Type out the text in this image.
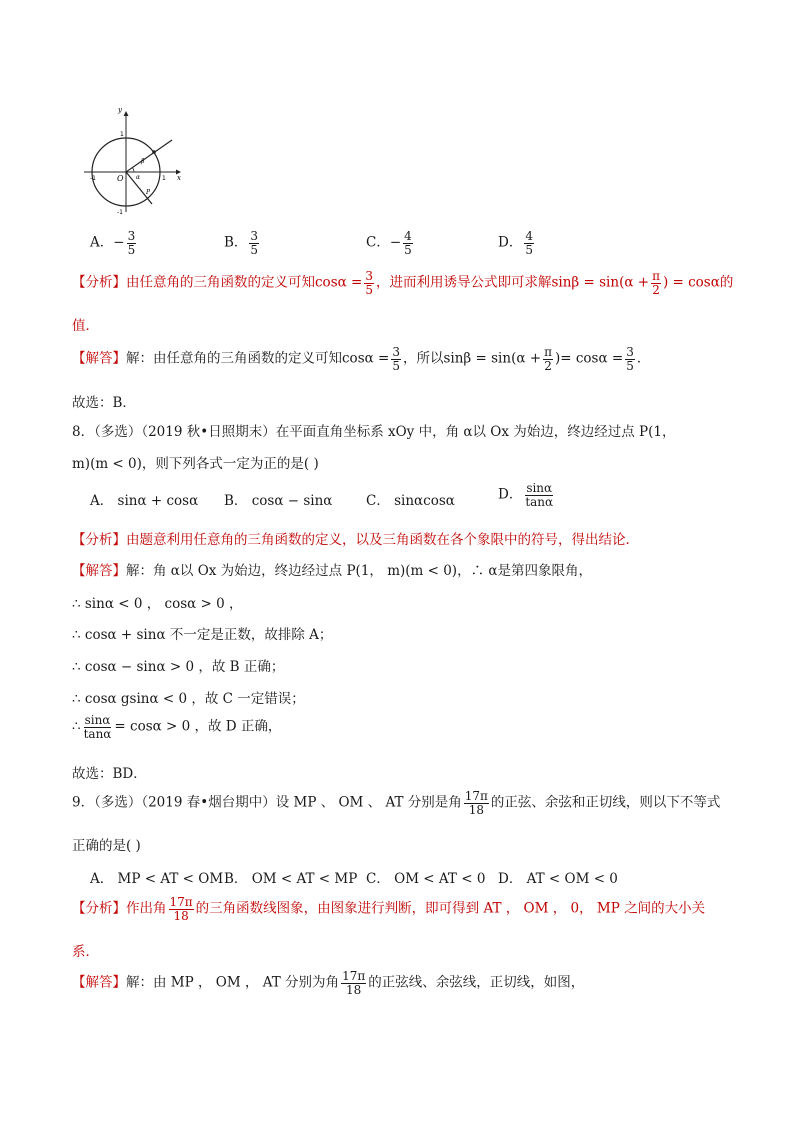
y
x
O
1
1
-1
-1
α
β
P
A．− $\frac{3}{5}$	B． $\frac{3}{5}$	C．− $\frac{4}{5}$	D． $\frac{4}{5}$
【分析】由任意角的三角函数的定义可知$\cos\alpha = \frac{3}{5}$ ，进而利用诱导公式即可求解$\sin\beta = \sin(\alpha + \frac{\pi}{2}$ ) = cosα的
值．
【解答】解：由任意角的三角函数的定义可知$\cos\alpha = \frac{3}{5}$ ，所以$\sin\beta = \sin(\alpha + \frac{\pi}{2}$ )= $\cos\alpha = \frac{3}{5}$ ．
故选：B．
8．（多选）（2019 秋•日照期末）在平面直角坐标系 xOy 中，角 α以 Ox 为始边，终边经过点 P(1，
m)(m < 0)，则下列各式一定为正的是( )
A． sinα + cosα B． cosα − sinα C． sinαcosα	D． $\frac{\sin\alpha}{\tan\alpha}$
【分析】由题意利用任意角的三角函数的定义，以及三角函数在各个象限中的符号，得出结论．
【解答】解：角 α以 Ox 为始边，终边经过点 P(1， m)(m < 0)，∴ α是第四象限角，
∴ sinα < 0 ， cosα > 0 ，
∴ cosα + sinα 不一定是正数，故排除 A；
∴ cosα − sinα > 0 ，故 B 正确；
∴ cosα gsinα < 0 ，故 C 一定错误；
∴ $\frac{\sin\alpha}{\tan\alpha} = \cos\alpha > 0$ ，故 D 正确，
故选：BD．
9．（多选）（2019 春•烟台期中）设 MP 、 OM 、 AT 分别是角 $\frac{17\pi}{18}$ 的正弦、余弦和正切线，则以下不等式
正确的是( )
A． MP < AT < OM B． OM < AT < MP C． OM < AT < 0 D． AT < OM < 0
【分析】作出角 $\frac{17\pi}{18}$ 的三角函数线图象，由图象进行判断，即可得到 AT ， OM ， 0， MP 之间的大小关
系．
【解答】解：由 MP ， OM ， AT 分别为角 $\frac{17\pi}{18}$ 的正弦线、余弦线，正切线，如图，
